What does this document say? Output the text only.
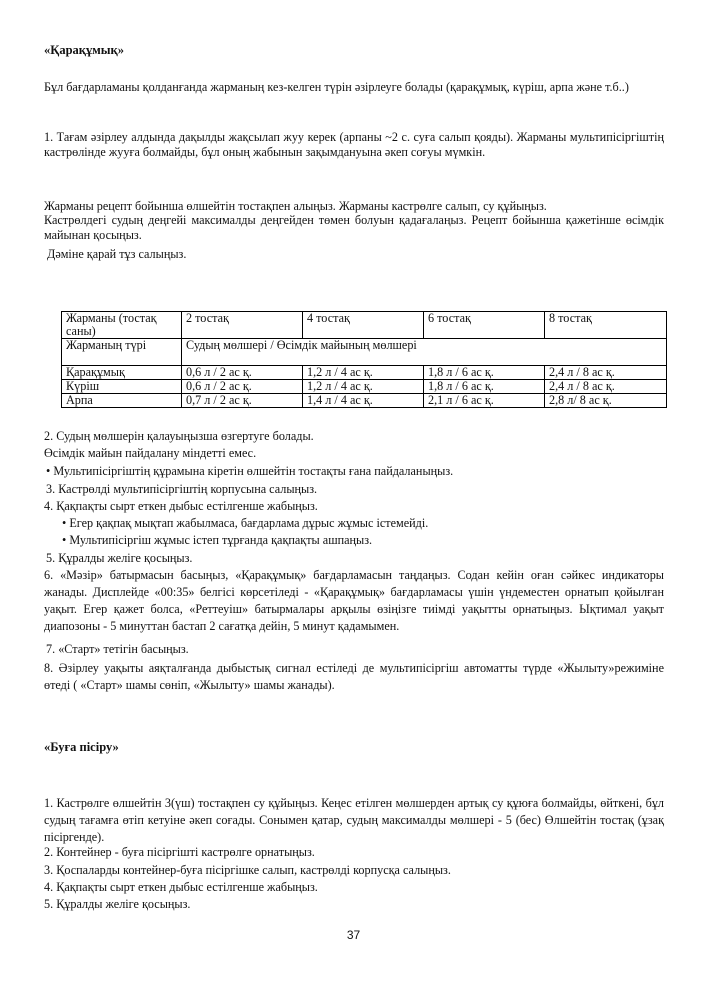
«Қарақұмық»
Бұл бағдарламаны қолданғанда жарманың кез-келген түрін әзірлеуге болады (қарақұмық, күріш, арпа және т.б..)
1. Тағам әзірлеу алдында дақылды жақсылап жуу керек (арпаны ~2 с. суға салып қояды). Жарманы мультипісіргіштің кастрөлінде жууға болмайды, бұл оның жабынын зақымдануына әкеп соғуы мүмкін.
Жарманы рецепт бойынша өлшейтін тостақпен алыңыз. Жарманы кастрөлге салып, су құйыңыз.
Кастрөлдегі судың деңгейі максималды деңгейден төмен болуын қадағалаңыз. Рецепт бойынша қажетінше өсімдік майынан қосыңыз.
Дәміне қарай тұз салыңыз.
Жарманы (тостақ саны)	2 тостақ	4 тостақ	6 тостақ	8 тостақ
Жарманың түрі	Судың мөлшері / Өсімдік майының мөлшері			
Қарақұмық	0,6 л / 2 ас қ.	1,2 л / 4 ас қ.	1,8 л / 6 ас қ.	2,4 л / 8 ас қ.
Күріш	0,6 л / 2 ас қ.	1,2 л / 4 ас қ.	1,8 л / 6 ас қ.	2,4 л / 8 ас қ.
Арпа	0,7 л / 2 ас қ.	1,4 л / 4 ас қ.	2,1 л / 6 ас қ.	2,8 л/ 8 ас қ.
2. Судың мөлшерін қалауыңызша өзгертуге болады.
Өсімдік майын пайдалану міндетті емес.
• Мультипісіргіштің құрамына кіретін өлшейтін тостақты ғана пайдаланыңыз.
3. Кастрөлді мультипісіргіштің корпусына салыңыз.
4. Қақпақты сырт еткен дыбыс естілгенше жабыңыз.
• Егер қақпақ мықтап жабылмаса, бағдарлама дұрыс жұмыс істемейді.
• Мультипісіргіш жұмыс істеп тұрғанда қақпақты ашпаңыз.
5. Құралды желіге қосыңыз.
6. «Мәзір» батырмасын басыңыз, «Қарақұмық» бағдарламасын таңдаңыз. Содан кейін оған сәйкес индикаторы жанады. Дисплейде «00:35» белгісі көрсетіледі - «Қарақұмық» бағдарламасы үшін үндеместен орнатып қойылған уақыт. Егер қажет болса, «Реттеуіш» батырмалары арқылы өзіңізге тиімді уақытты орнатыңыз. Ықтимал уақыт диапозоны - 5 минуттан бастап 2 сағатқа дейін, 5 минут қадамымен.
7. «Старт» тетігін басыңыз.
8. Әзірлеу уақыты аяқталғанда дыбыстық сигнал естіледі де мультипісіргіш автоматты түрде «Жылыту»режиміне өтеді ( «Старт» шамы сөніп, «Жылыту» шамы жанады).
«Буға пісіру»
1. Кастрөлге өлшейтін 3(үш) тостақпен су құйыңыз. Кеңес етілген мөлшерден артық су құюға болмайды, өйткені, бұл судың тағамға өтіп кетуіне әкеп соғады. Сонымен қатар, судың максималды мөлшері - 5 (бес) Өлшейтін тостақ (ұзақ пісіргенде).
2. Контейнер - буға пісіргішті кастрөлге орнатыңыз.
3. Қоспаларды контейнер-буға пісіргішке салып, кастрөлді корпусқа салыңыз.
4. Қақпақты сырт еткен дыбыс естілгенше жабыңыз.
5. Құралды желіге қосыңыз.
37
